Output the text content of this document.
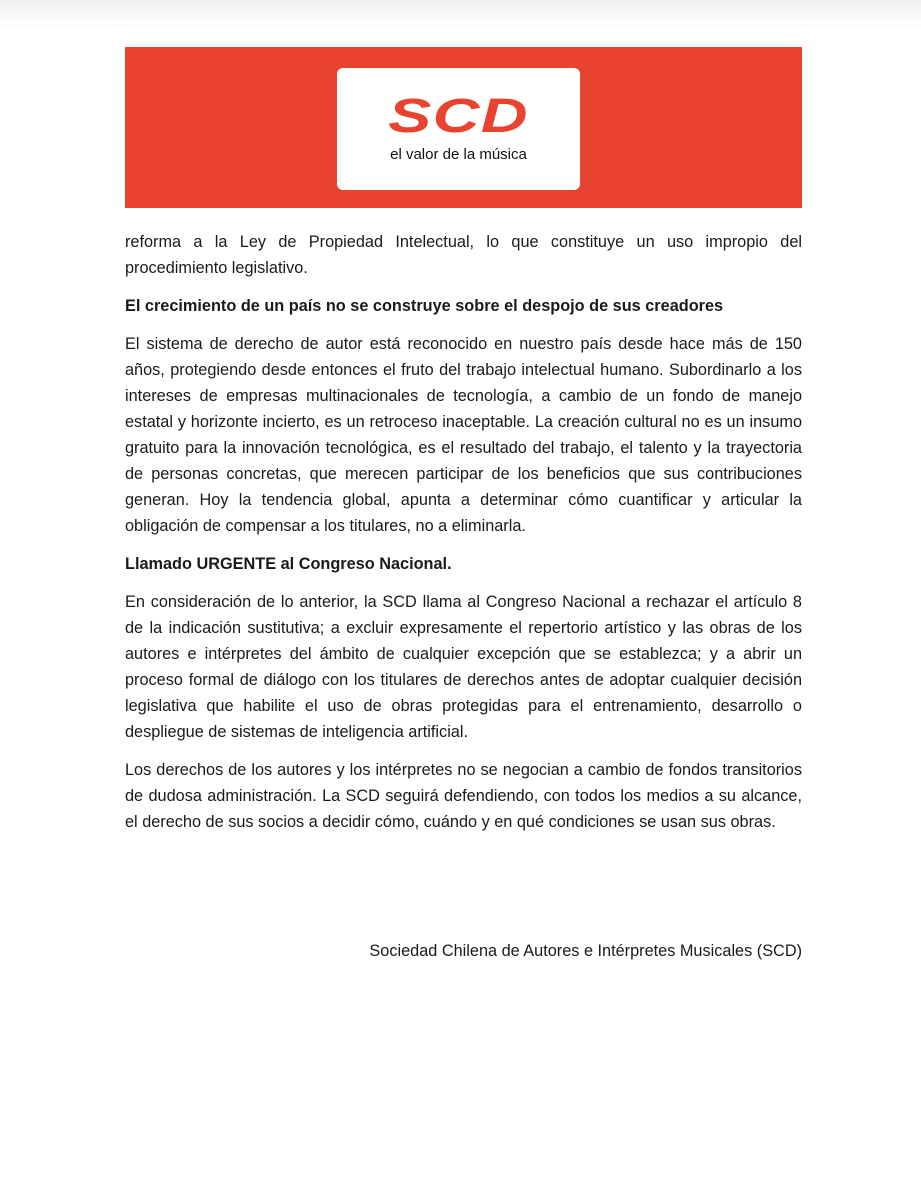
SCD
el valor de la música

reforma a la Ley de Propiedad Intelectual, lo que constituye un uso impropio del procedimiento legislativo.

El crecimiento de un país no se construye sobre el despojo de sus creadores

El sistema de derecho de autor está reconocido en nuestro país desde hace más de 150 años, protegiendo desde entonces el fruto del trabajo intelectual humano. Subordinarlo a los intereses de empresas multinacionales de tecnología, a cambio de un fondo de manejo estatal y horizonte incierto, es un retroceso inaceptable. La creación cultural no es un insumo gratuito para la innovación tecnológica, es el resultado del trabajo, el talento y la trayectoria de personas concretas, que merecen participar de los beneficios que sus contribuciones generan. Hoy la tendencia global, apunta a determinar cómo cuantificar y articular la obligación de compensar a los titulares, no a eliminarla.

Llamado URGENTE al Congreso Nacional.

En consideración de lo anterior, la SCD llama al Congreso Nacional a rechazar el artículo 8 de la indicación sustitutiva; a excluir expresamente el repertorio artístico y las obras de los autores e intérpretes del ámbito de cualquier excepción que se establezca; y a abrir un proceso formal de diálogo con los titulares de derechos antes de adoptar cualquier decisión legislativa que habilite el uso de obras protegidas para el entrenamiento, desarrollo o despliegue de sistemas de inteligencia artificial.

Los derechos de los autores y los intérpretes no se negocian a cambio de fondos transitorios de dudosa administración. La SCD seguirá defendiendo, con todos los medios a su alcance, el derecho de sus socios a decidir cómo, cuándo y en qué condiciones se usan sus obras.

Sociedad Chilena de Autores e Intérpretes Musicales (SCD)
